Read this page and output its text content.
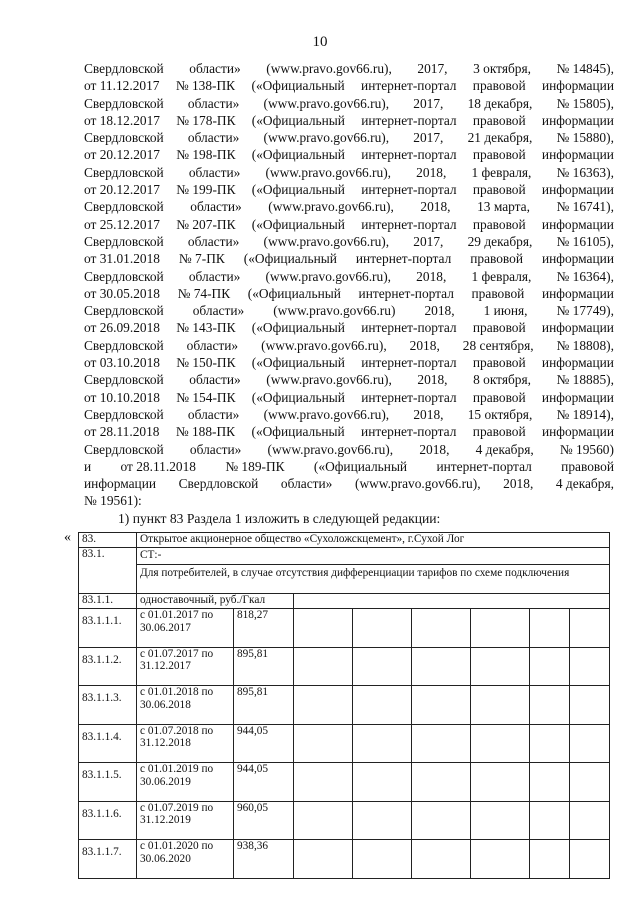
10
Свердловской области» (www.pravo.gov66.ru), 2017, 3 октября, № 14845),
от 11.12.2017 № 138-ПК («Официальный интернет-портал правовой информации
Свердловской области» (www.pravo.gov66.ru), 2017, 18 декабря, № 15805),
от 18.12.2017 № 178-ПК («Официальный интернет-портал правовой информации
Свердловской области» (www.pravo.gov66.ru), 2017, 21 декабря, № 15880),
от 20.12.2017 № 198-ПК («Официальный интернет-портал правовой информации
Свердловской области» (www.pravo.gov66.ru), 2018, 1 февраля, № 16363),
от 20.12.2017 № 199-ПК («Официальный интернет-портал правовой информации
Свердловской области» (www.pravo.gov66.ru), 2018, 13 марта, № 16741),
от 25.12.2017 № 207-ПК («Официальный интернет-портал правовой информации
Свердловской области» (www.pravo.gov66.ru), 2017, 29 декабря, № 16105),
от 31.01.2018 № 7-ПК («Официальный интернет-портал правовой информации
Свердловской области» (www.pravo.gov66.ru), 2018, 1 февраля, № 16364),
от 30.05.2018 № 74-ПК («Официальный интернет-портал правовой информации
Свердловской области» (www.pravo.gov66.ru) 2018, 1 июня, № 17749),
от 26.09.2018 № 143-ПК («Официальный интернет-портал правовой информации
Свердловской области» (www.pravo.gov66.ru), 2018, 28 сентября, № 18808),
от 03.10.2018 № 150-ПК («Официальный интернет-портал правовой информации
Свердловской области» (www.pravo.gov66.ru), 2018, 8 октября, № 18885),
от 10.10.2018 № 154-ПК («Официальный интернет-портал правовой информации
Свердловской области» (www.pravo.gov66.ru), 2018, 15 октября, № 18914),
от 28.11.2018 № 188-ПК («Официальный интернет-портал правовой информации
Свердловской области» (www.pravo.gov66.ru), 2018, 4 декабря, № 19560)
и от 28.11.2018 № 189-ПК («Официальный интернет-портал правовой
информации Свердловской области» (www.pravo.gov66.ru), 2018, 4 декабря,
№ 19561):
1) пункт 83 Раздела 1 изложить в следующей редакции:
« 83.	Открытое акционерное общество «Сухоложскцемент», г.Сухой Лог							
83.1.	СТ:-
Для потребителей, в случае отсутствия дифференциации тарифов по схеме подключения							

83.1.1.	одноставочный, руб./Гкал							
83.1.1.1.	с 01.01.2017 по 30.06.2017	818,27						
83.1.1.2.	с 01.07.2017 по 31.12.2017	895,81						
83.1.1.3.	с 01.01.2018 по 30.06.2018	895,81						
83.1.1.4.	с 01.07.2018 по 31.12.2018	944,05						
83.1.1.5.	с 01.01.2019 по 30.06.2019	944,05						
83.1.1.6.	с 01.07.2019 по 31.12.2019	960,05						
83.1.1.7.	с 01.01.2020 по 30.06.2020	938,36						
